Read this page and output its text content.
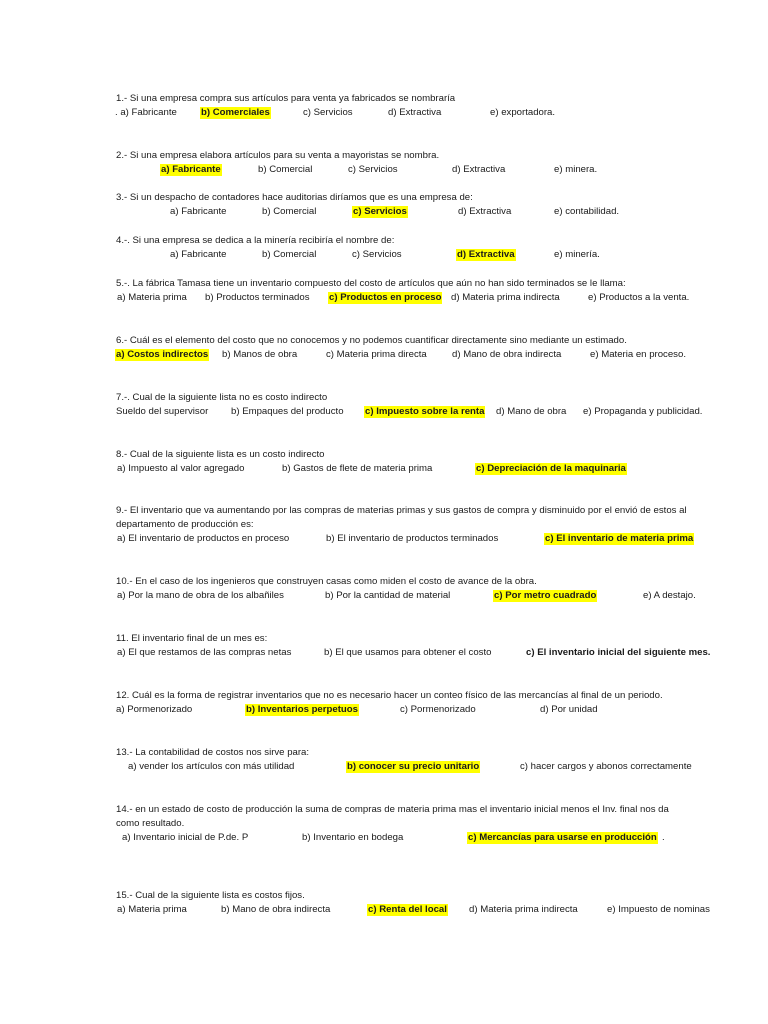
1.- Si una empresa compra sus artículos para venta ya fabricados se nombraría
. a) Fabricante	b) Comerciales	c) Servicios	d) Extractiva	e) exportadora.
2.- Si una empresa elabora artículos para su venta a mayoristas se nombra.
a) Fabricante	b) Comercial	c) Servicios	d) Extractiva	e) minera.
3.- Si un despacho de contadores hace auditorias diríamos que es una empresa de:
a) Fabricante	b) Comercial	c) Servicios	d) Extractiva	e) contabilidad.
4.-. Si una empresa se dedica a la minería recibiría el nombre de:
a) Fabricante	b) Comercial	c) Servicios	d) Extractiva	e) minería.
5.-. La fábrica Tamasa tiene un inventario compuesto del costo de artículos que aún no han sido terminados se le llama:
a) Materia prima b) Productos terminados c) Productos en proceso d) Materia prima indirecta	e) Productos a la venta.
6.- Cuál es el elemento del costo que no conocemos y no podemos cuantificar directamente sino mediante un estimado.
a) Costos indirectos b) Manos de obra	c) Materia prima directa	d) Mano de obra indirecta	e) Materia en proceso.
7.-. Cual de la siguiente lista no es costo indirecto
Sueldo del supervisor b) Empaques del producto c) Impuesto sobre la renta d) Mano de obra e) Propaganda y publicidad.
8.- Cual de la siguiente lista es un costo indirecto
a) Impuesto al valor agregado	b) Gastos de flete de materia prima	c) Depreciación de la maquinaria
9.- El inventario que va aumentando por las compras de materias primas y sus gastos de compra y disminuido por el envió de estos al
departamento de producción es:
a) El inventario de productos en proceso	b) El inventario de productos terminados	c) El inventario de materia prima
10.- En el caso de los ingenieros que construyen casas como miden el costo de avance de la obra.
a) Por la mano de obra de los albañiles	b) Por la cantidad de material	c) Por metro cuadrado	e) A destajo.
11. El inventario final de un mes es:
a) El que restamos de las compras netas	b) El que usamos para obtener el costo	c) El inventario inicial del siguiente mes.
12. Cuál es la forma de registrar inventarios que no es necesario hacer un conteo físico de las mercancías al final de un periodo.
a) Pormenorizado	b) Inventarios perpetuos	c) Pormenorizado	d) Por unidad
13.- La contabilidad de costos nos sirve para:
a) vender los artículos con más utilidad	b) conocer su precio unitario	c) hacer cargos y abonos correctamente
14.- en un estado de costo de producción la suma de compras de materia prima mas el inventario inicial menos el Inv. final nos da
como resultado.
a) Inventario inicial de P.de. P	b) Inventario en bodega	c) Mercancías para usarse en producción .
15.- Cual de la siguiente lista es costos fijos.
a) Materia prima	b) Mano de obra indirecta	c) Renta del local d) Materia prima indirecta	e) Impuesto de nominas
